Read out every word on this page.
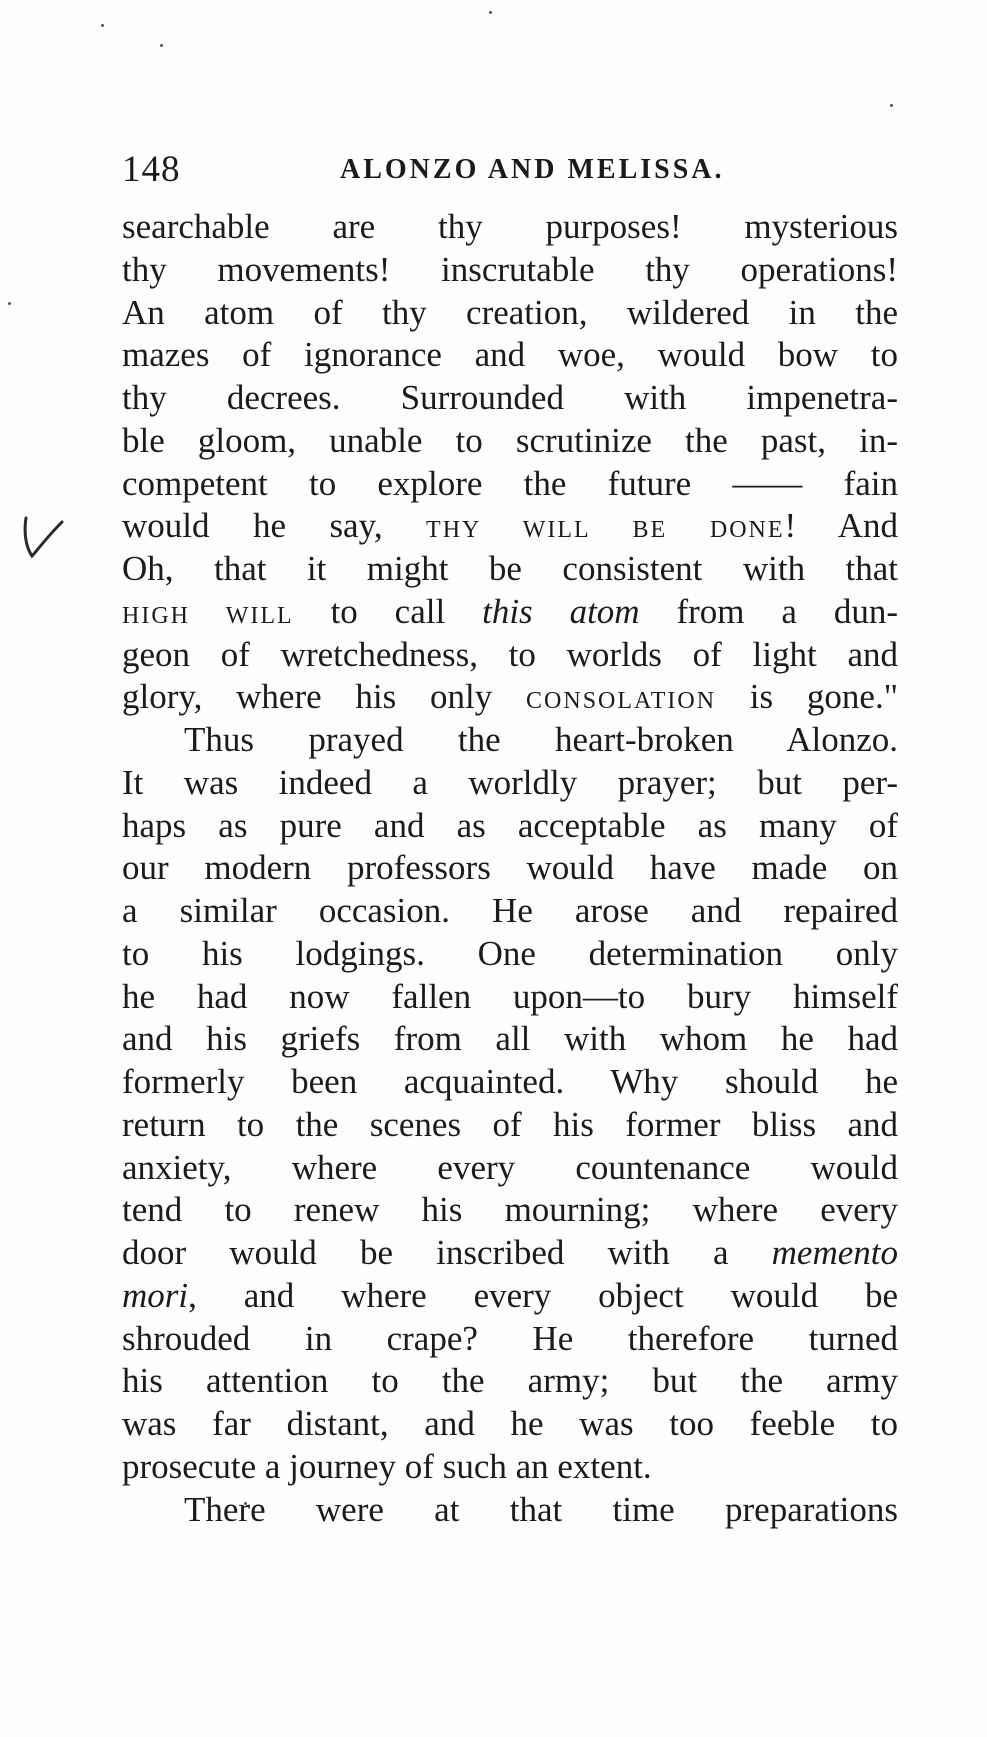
148	ALONZO AND MELISSA.
searchable are thy purposes! mysterious
thy movements! inscrutable thy operations!
An atom of thy creation, wildered in the
mazes of ignorance and woe, would bow to
thy decrees. Surrounded with impenetra-
ble gloom, unable to scrutinize the past, in-
competent to explore the future —— fain
would he say, THY WILL BE DONE! And
Oh, that it might be consistent with that
HIGH WILL to call this atom from a dun-
geon of wretchedness, to worlds of light and
glory, where his only CONSOLATION is gone."
Thus prayed the heart-broken Alonzo.
It was indeed a worldly prayer; but per-
haps as pure and as acceptable as many of
our modern professors would have made on
a similar occasion. He arose and repaired
to his lodgings. One determination only
he had now fallen upon—to bury himself
and his griefs from all with whom he had
formerly been acquainted. Why should he
return to the scenes of his former bliss and
anxiety, where every countenance would
tend to renew his mourning; where every
door would be inscribed with a memento
mori, and where every object would be
shrouded in crape? He therefore turned
his attention to the army; but the army
was far distant, and he was too feeble to
prosecute a journey of such an extent.
There were at that time preparations
